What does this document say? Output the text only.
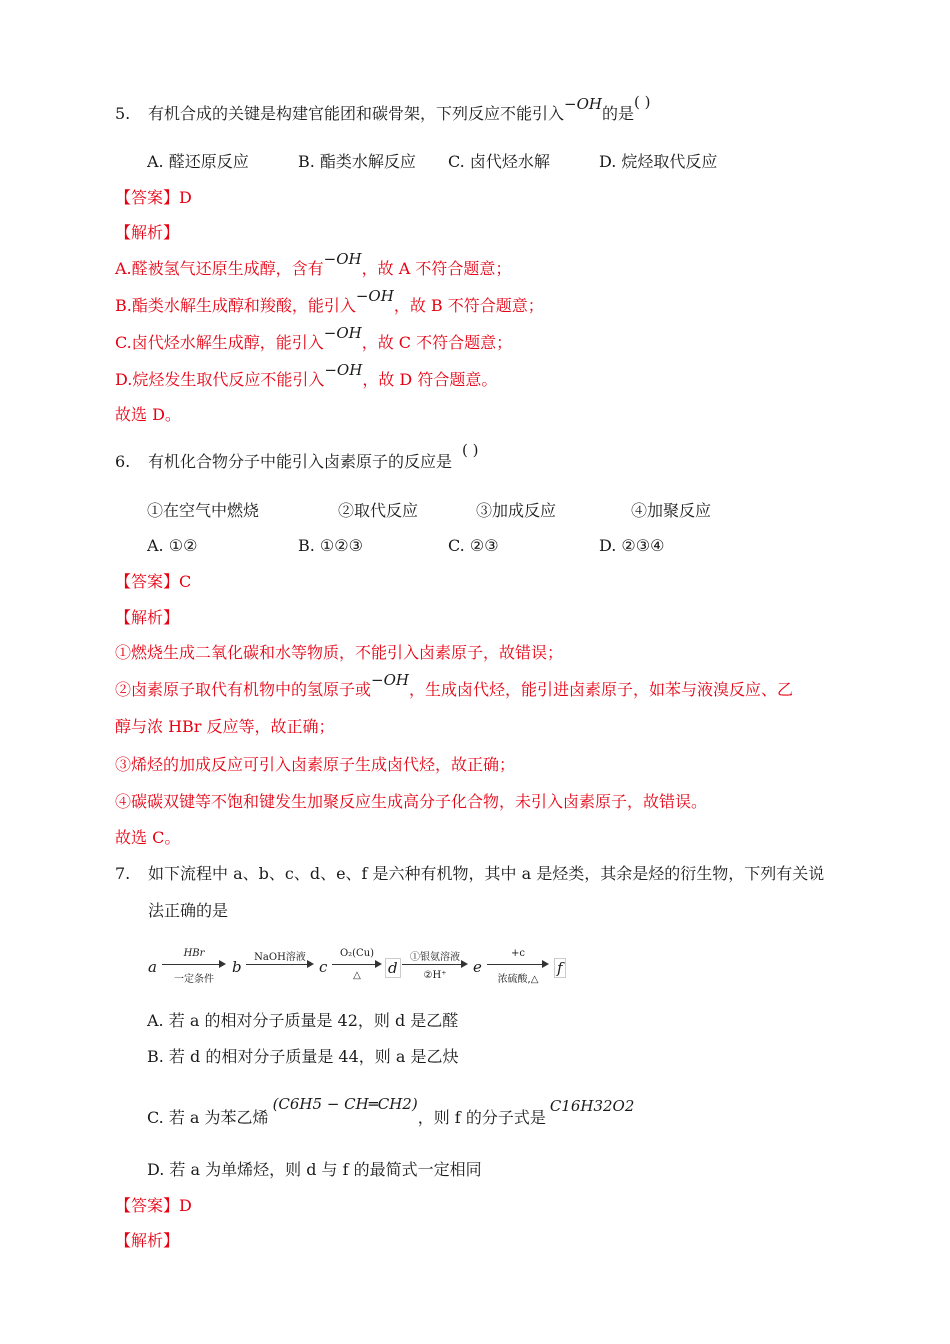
5. 有机合成的关键是构建官能团和碳骨架，下列反应不能引入−OH的是( )
A. 醛还原反应	B. 酯类水解反应 C. 卤代烃水解	D. 烷烃取代反应
【答案】D
【解析】
A.醛被氢气还原生成醇，含有−OH，故 A 不符合题意；
B.酯类水解生成醇和羧酸，能引入−OH，故 B 不符合题意；
C.卤代烃水解生成醇，能引入−OH，故 C 不符合题意；
D.烷烃发生取代反应不能引入−OH，故 D 符合题意。
故选 D。
6. 有机化合物分子中能引入卤素原子的反应是( )
①在空气中燃烧	②取代反应	③加成反应	④加聚反应
A. ①②	B. ①②③	C. ②③	D. ②③④
【答案】C
【解析】
①燃烧生成二氧化碳和水等物质，不能引入卤素原子，故错误；
②卤素原子取代有机物中的氢原子或−OH，生成卤代烃，能引进卤素原子，如苯与液溴反应、乙
醇与浓 HBr 反应等，故正确；
③烯烃的加成反应可引入卤素原子生成卤代烃，故正确；
④碳碳双键等不饱和键发生加聚反应生成高分子化合物，未引入卤素原子，故错误。
故选 C。
7. 如下流程中 a、b、c、d、e、f 是六种有机物，其中 a 是烃类，其余是烃的衍生物，下列有关说
法正确的是
a
HBr
一定条件
b
NaOH溶液
c
O₂(Cu)
△	d
①银氨溶液
②H⁺	e
+c
浓硫酸,△
f
A. 若 a 的相对分子质量是 42，则 d 是乙醛
B. 若 d 的相对分子质量是 44，则 a 是乙炔
C. 若 a 为苯乙烯(C6H5 − CH═CH2)，则 f 的分子式是C16H32O2
D. 若 a 为单烯烃，则 d 与 f 的最简式一定相同
【答案】D
【解析】
